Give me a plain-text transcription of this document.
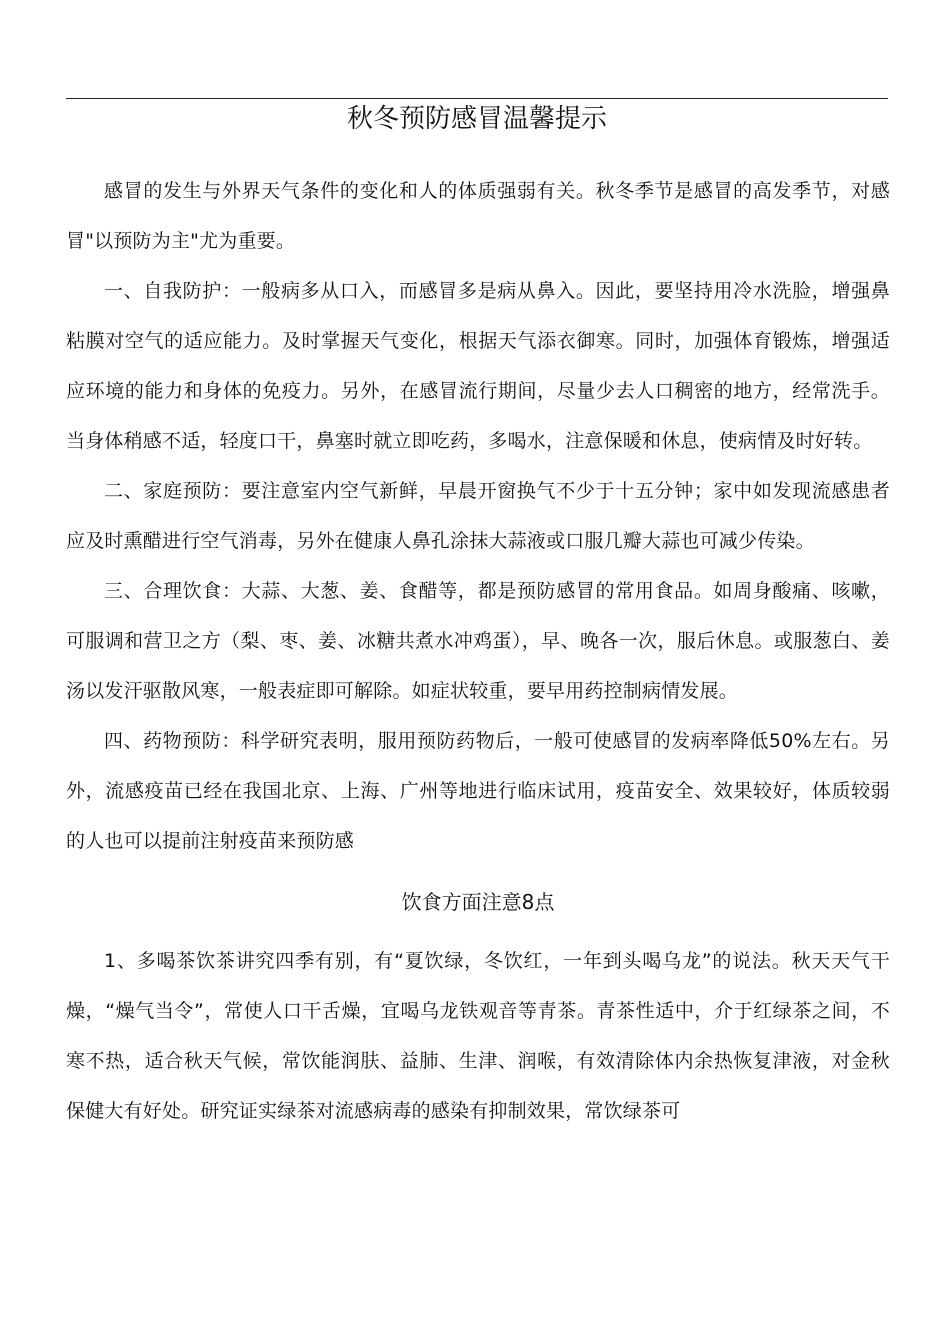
秋冬预防感冒温馨提示

感冒的发生与外界天气条件的变化和人的体质强弱有关。秋冬季节是感冒的高发季节，对感冒"以预防为主"尤为重要。

一、自我防护：一般病多从口入，而感冒多是病从鼻入。因此，要坚持用冷水洗脸，增强鼻粘膜对空气的适应能力。及时掌握天气变化，根据天气添衣御寒。同时，加强体育锻炼，增强适应环境的能力和身体的免疫力。另外，在感冒流行期间，尽量少去人口稠密的地方，经常洗手。当身体稍感不适，轻度口干，鼻塞时就立即吃药，多喝水，注意保暖和休息，使病情及时好转。

二、家庭预防：要注意室内空气新鲜，早晨开窗换气不少于十五分钟；家中如发现流感患者应及时熏醋进行空气消毒，另外在健康人鼻孔涂抹大蒜液或口服几瓣大蒜也可减少传染。

三、合理饮食：大蒜、大葱、姜、食醋等，都是预防感冒的常用食品。如周身酸痛、咳嗽，可服调和营卫之方（梨、枣、姜、冰糖共煮水冲鸡蛋），早、晚各一次，服后休息。或服葱白、姜汤以发汗驱散风寒，一般表症即可解除。如症状较重，要早用药控制病情发展。

四、药物预防：科学研究表明，服用预防药物后，一般可使感冒的发病率降低50%左右。另外，流感疫苗已经在我国北京、上海、广州等地进行临床试用，疫苗安全、效果较好，体质较弱的人也可以提前注射疫苗来预防感

饮食方面注意8点

1、多喝茶饮茶讲究四季有别，有“夏饮绿，冬饮红，一年到头喝乌龙”的说法。秋天天气干燥，“燥气当令”，常使人口干舌燥，宜喝乌龙铁观音等青茶。青茶性适中，介于红绿茶之间，不寒不热，适合秋天气候，常饮能润肤、益肺、生津、润喉，有效清除体内余热恢复津液，对金秋保健大有好处。研究证实绿茶对流感病毒的感染有抑制效果，常饮绿茶可
